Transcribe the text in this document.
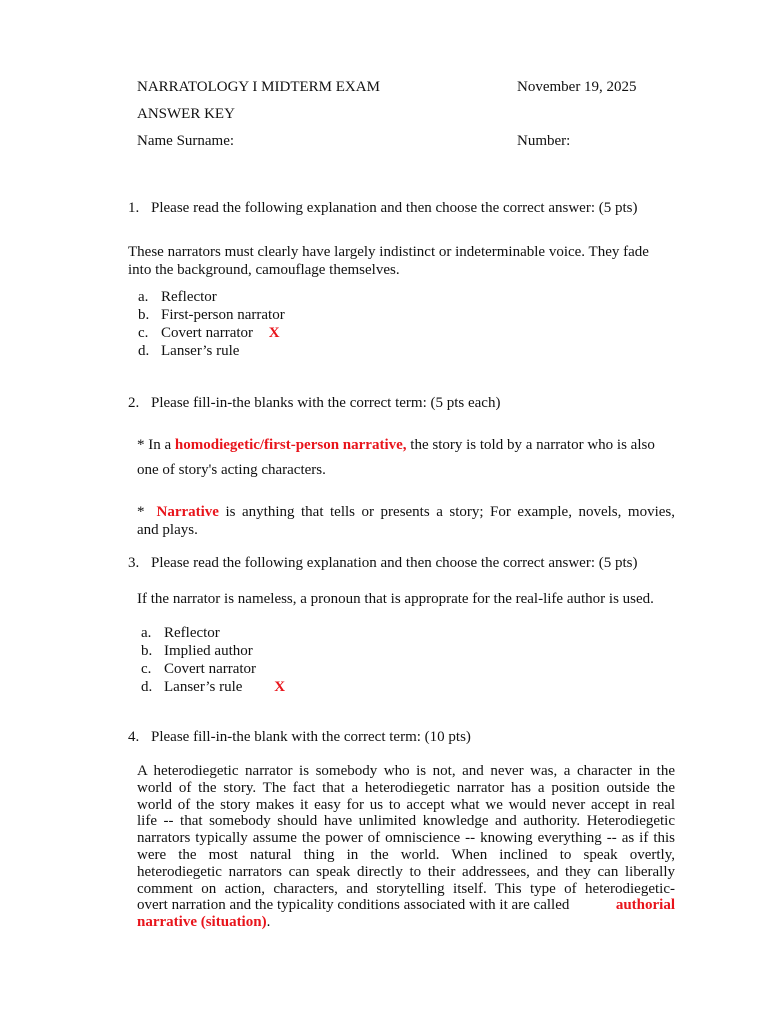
NARRATOLOGY I MIDTERM EXAM	November 19, 2025
ANSWER KEY
Name Surname:	Number:
1. Please read the following explanation and then choose the correct answer: (5 pts)
These narrators must clearly have largely indistinct or indeterminable voice. They fade
into the background, camouflage themselves.
a. Reflector
b. First-person narrator
c. Covert narrator X
d. Lanser’s rule
2. Please fill-in-the blanks with the correct term: (5 pts each)
* In a homodiegetic/first-person narrative, the story is told by a narrator who is also
one of story's acting characters.
* Narrative is anything that tells or presents a story; For example, novels, movies,
and plays.
3. Please read the following explanation and then choose the correct answer: (5 pts)
If the narrator is nameless, a pronoun that is approprate for the real-life author is used.
a. Reflector
b. Implied author
c. Covert narrator
d. Lanser’s rule X
4. Please fill-in-the blank with the correct term: (10 pts)
A heterodiegetic narrator is somebody who is not, and never was, a character in the
world of the story. The fact that a heterodiegetic narrator has a position outside the
world of the story makes it easy for us to accept what we would never accept in real
life -- that somebody should have unlimited knowledge and authority. Heterodiegetic
narrators typically assume the power of omniscience -- knowing everything -- as if this
were the most natural thing in the world. When inclined to speak overtly,
heterodiegetic narrators can speak directly to their addressees, and they can liberally
comment on action, characters, and storytelling itself. This type of heterodiegetic-
overt narration and the typicality conditions associated with it are called	authorial
narrative (situation).
